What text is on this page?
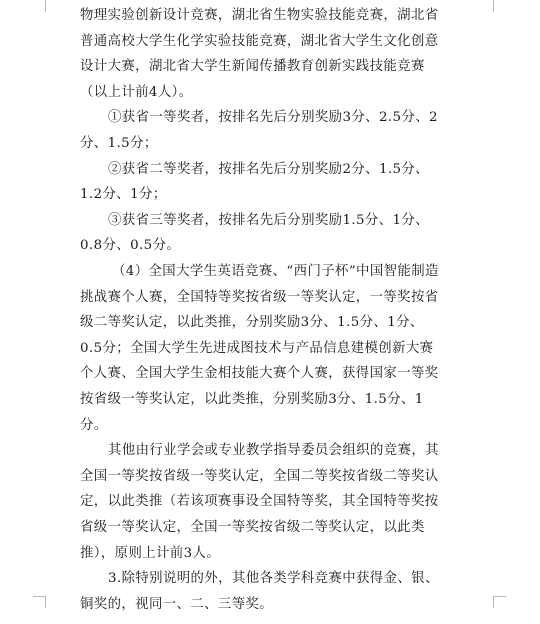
物理实验创新设计竞赛，湖北省生物实验技能竞赛，湖北省
普通高校大学生化学实验技能竞赛，湖北省大学生文化创意
设计大赛，湖北省大学生新闻传播教育创新实践技能竞赛
（以上计前4人）。
①获省一等奖者，按排名先后分别奖励3分、2.5分、2
分、1.5分；
②获省二等奖者，按排名先后分别奖励2分、1.5分、
1.2分、1分；
③获省三等奖者，按排名先后分别奖励1.5分、1分、
0.8分、0.5分。
（4）全国大学生英语竞赛、“西门子杯”中国智能制造
挑战赛个人赛，全国特等奖按省级一等奖认定，一等奖按省
级二等奖认定，以此类推，分别奖励3分、1.5分、1分、
0.5分；全国大学生先进成图技术与产品信息建模创新大赛
个人赛、全国大学生金相技能大赛个人赛，获得国家一等奖
按省级一等奖认定，以此类推，分别奖励3分、1.5分、1
分。
其他由行业学会或专业教学指导委员会组织的竞赛，其
全国一等奖按省级一等奖认定，全国二等奖按省级二等奖认
定，以此类推（若该项赛事设全国特等奖，其全国特等奖按
省级一等奖认定，全国一等奖按省级二等奖认定，以此类
推），原则上计前3人。
3.除特别说明的外，其他各类学科竞赛中获得金、银、
铜奖的，视同一、二、三等奖。
